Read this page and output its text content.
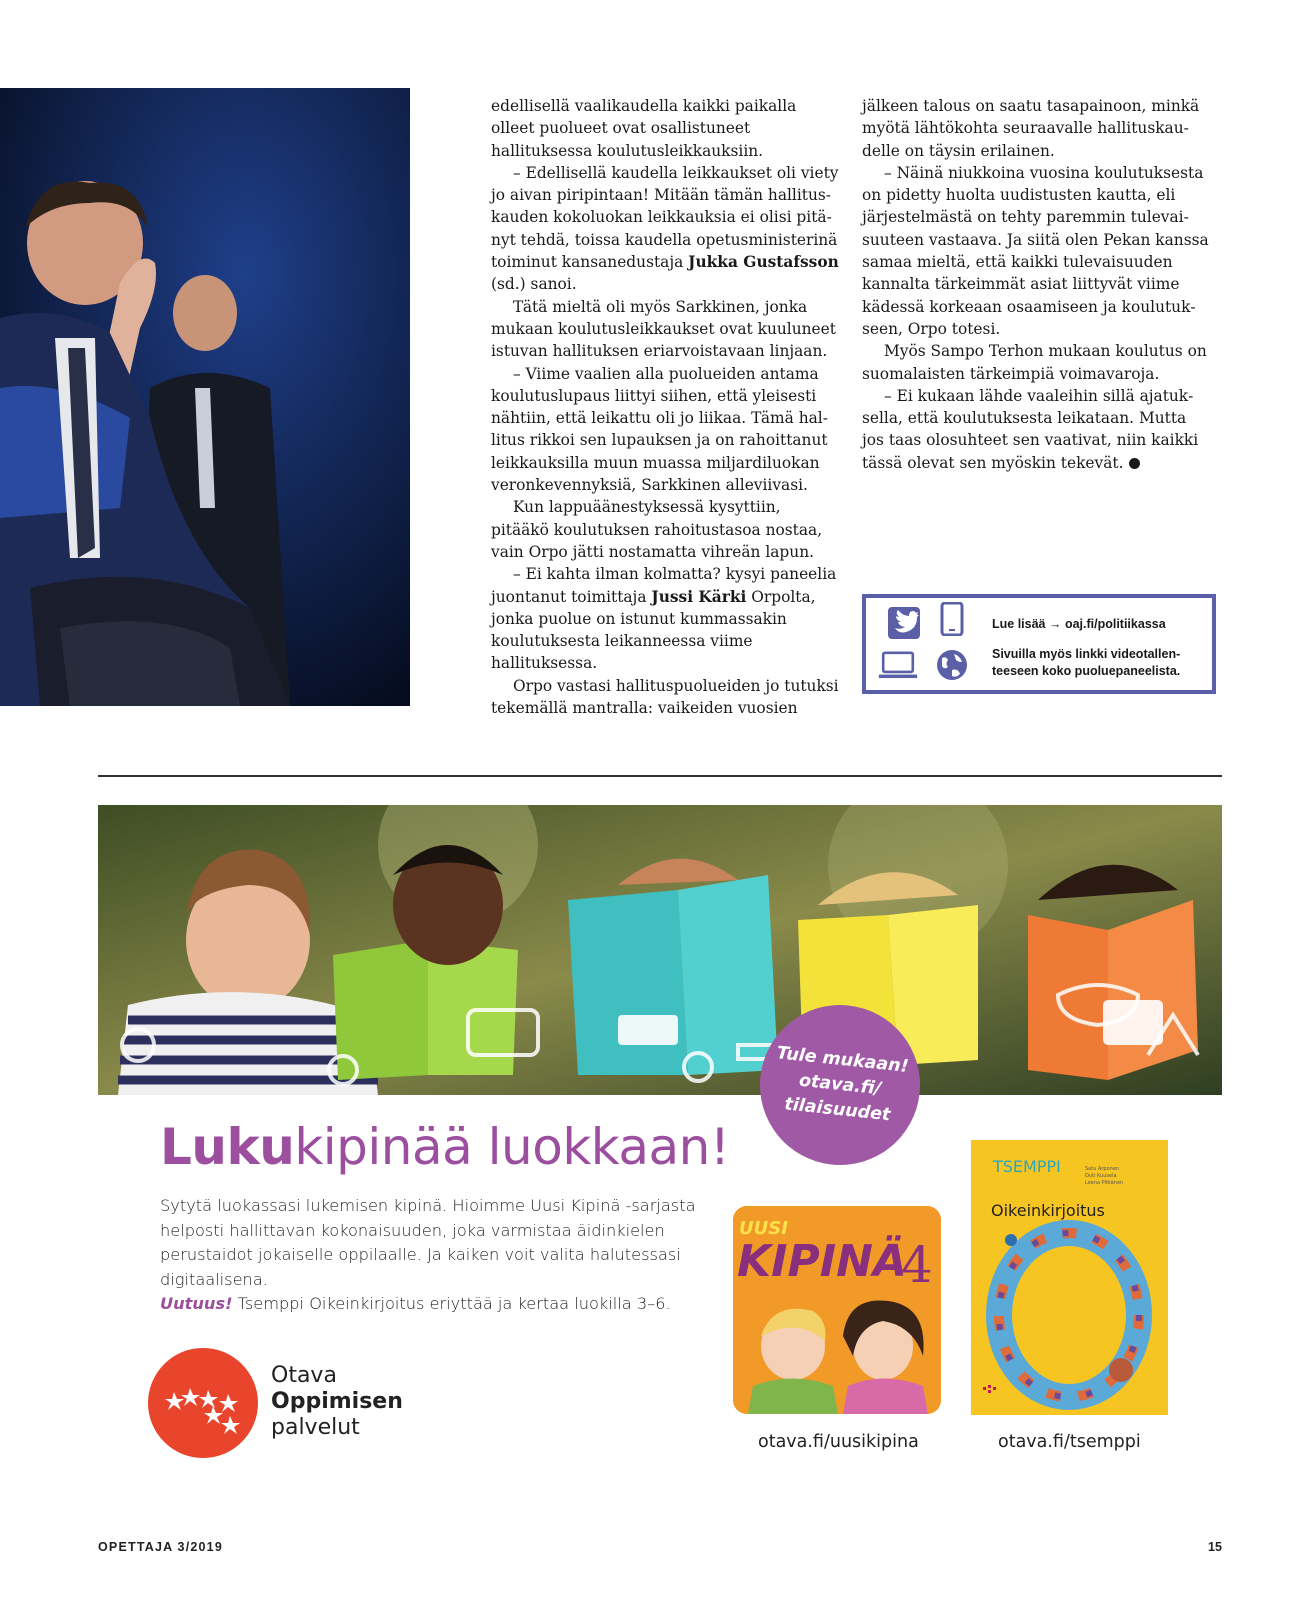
edellisellä vaalikaudella kaikki paikalla olleet puolueet ovat osallistuneet hallituksessa koulutusleikkauksiin.

– Edellisellä kaudella leikkaukset oli viety jo aivan piripintaan! Mitään tämän hallituskauden kokoluokan leikkauksia ei olisi pitänyt tehdä, toissa kaudella opetusministerinä toiminut kansanedustaja Jukka Gustafsson (sd.) sanoi.

Tätä mieltä oli myös Sarkkinen, jonka mukaan koulutusleikkaukset ovat kuuluneet istuvan hallituksen eriarvoistavaan linjaan.

– Viime vaalien alla puolueiden antama koulutuslupaus liittyi siihen, että yleisesti nähtiin, että leikattu oli jo liikaa. Tämä hallitus rikkoi sen lupauksen ja on rahoittanut leikkauksilla muun muassa miljardiluokan veronkevennyksiä, Sarkkinen alleviivasi.

Kun lappuäänestyksessä kysyttiin, pitääkö koulutuksen rahoitustasoa nostaa, vain Orpo jätti nostamatta vihreän lapun.

– Ei kahta ilman kolmatta? kysyi paneelia juontanut toimittaja Jussi Kärki Orpolta, jonka puolue on istunut kummassakin koulutuksesta leikanneessa viime hallituksessa.

Orpo vastasi hallituspuolueiden jo tutuksi tekemällä mantralla: vaikeiden vuosien

jälkeen talous on saatu tasapainoon, minkä myötä lähtökohta seuraavalle hallituskaudelle on täysin erilainen.

– Näinä niukkoina vuosina koulutuksesta on pidetty huolta uudistusten kautta, eli järjestelmästä on tehty paremmin tulevaisuuteen vastaava. Ja siitä olen Pekan kanssa samaa mieltä, että kaikki tulevaisuuden kannalta tärkeimmät asiat liittyvät viime kädessä korkeaan osaamiseen ja koulutukseen, Orpo totesi.

Myös Sampo Terhon mukaan koulutus on suomalaisten tärkeimpiä voimavaroja.

– Ei kukaan lähde vaaleihin sillä ajatuksella, että koulutuksesta leikataan. Mutta jos taas olosuhteet sen vaativat, niin kaikki tässä olevat sen myöskin tekevät.

Lue lisää → oaj.fi/politiikassa
Sivuilla myös linkki videotallenteeseen koko puoluepaneelista.
Lukukipinää luokkaan!
Sytytä luokassasi lukemisen kipinä. Hioimme Uusi Kipinä -sarjasta helposti hallittavan kokonaisuuden, joka varmistaa äidinkielen perustaidot jokaiselle oppilaalle. Ja kaiken voit valita halutessasi digitaalisena.
Uutuus! Tsemppi Oikeinkirjoitus eriyttää ja kertaa luokilla 3–6.
Tule mukaan!
otava.fi/
tilaisuudet
Otava
Oppimisen
palvelut
UUSI
KIPINÄ
4
TSEMPPI	Satu Arponen
Outi Kuusela
Leena Pitkänen
Oikeinkirjoitus
otava.fi/uusikipina	otava.fi/tsemppi
OPETTAJA 3/2019	15
